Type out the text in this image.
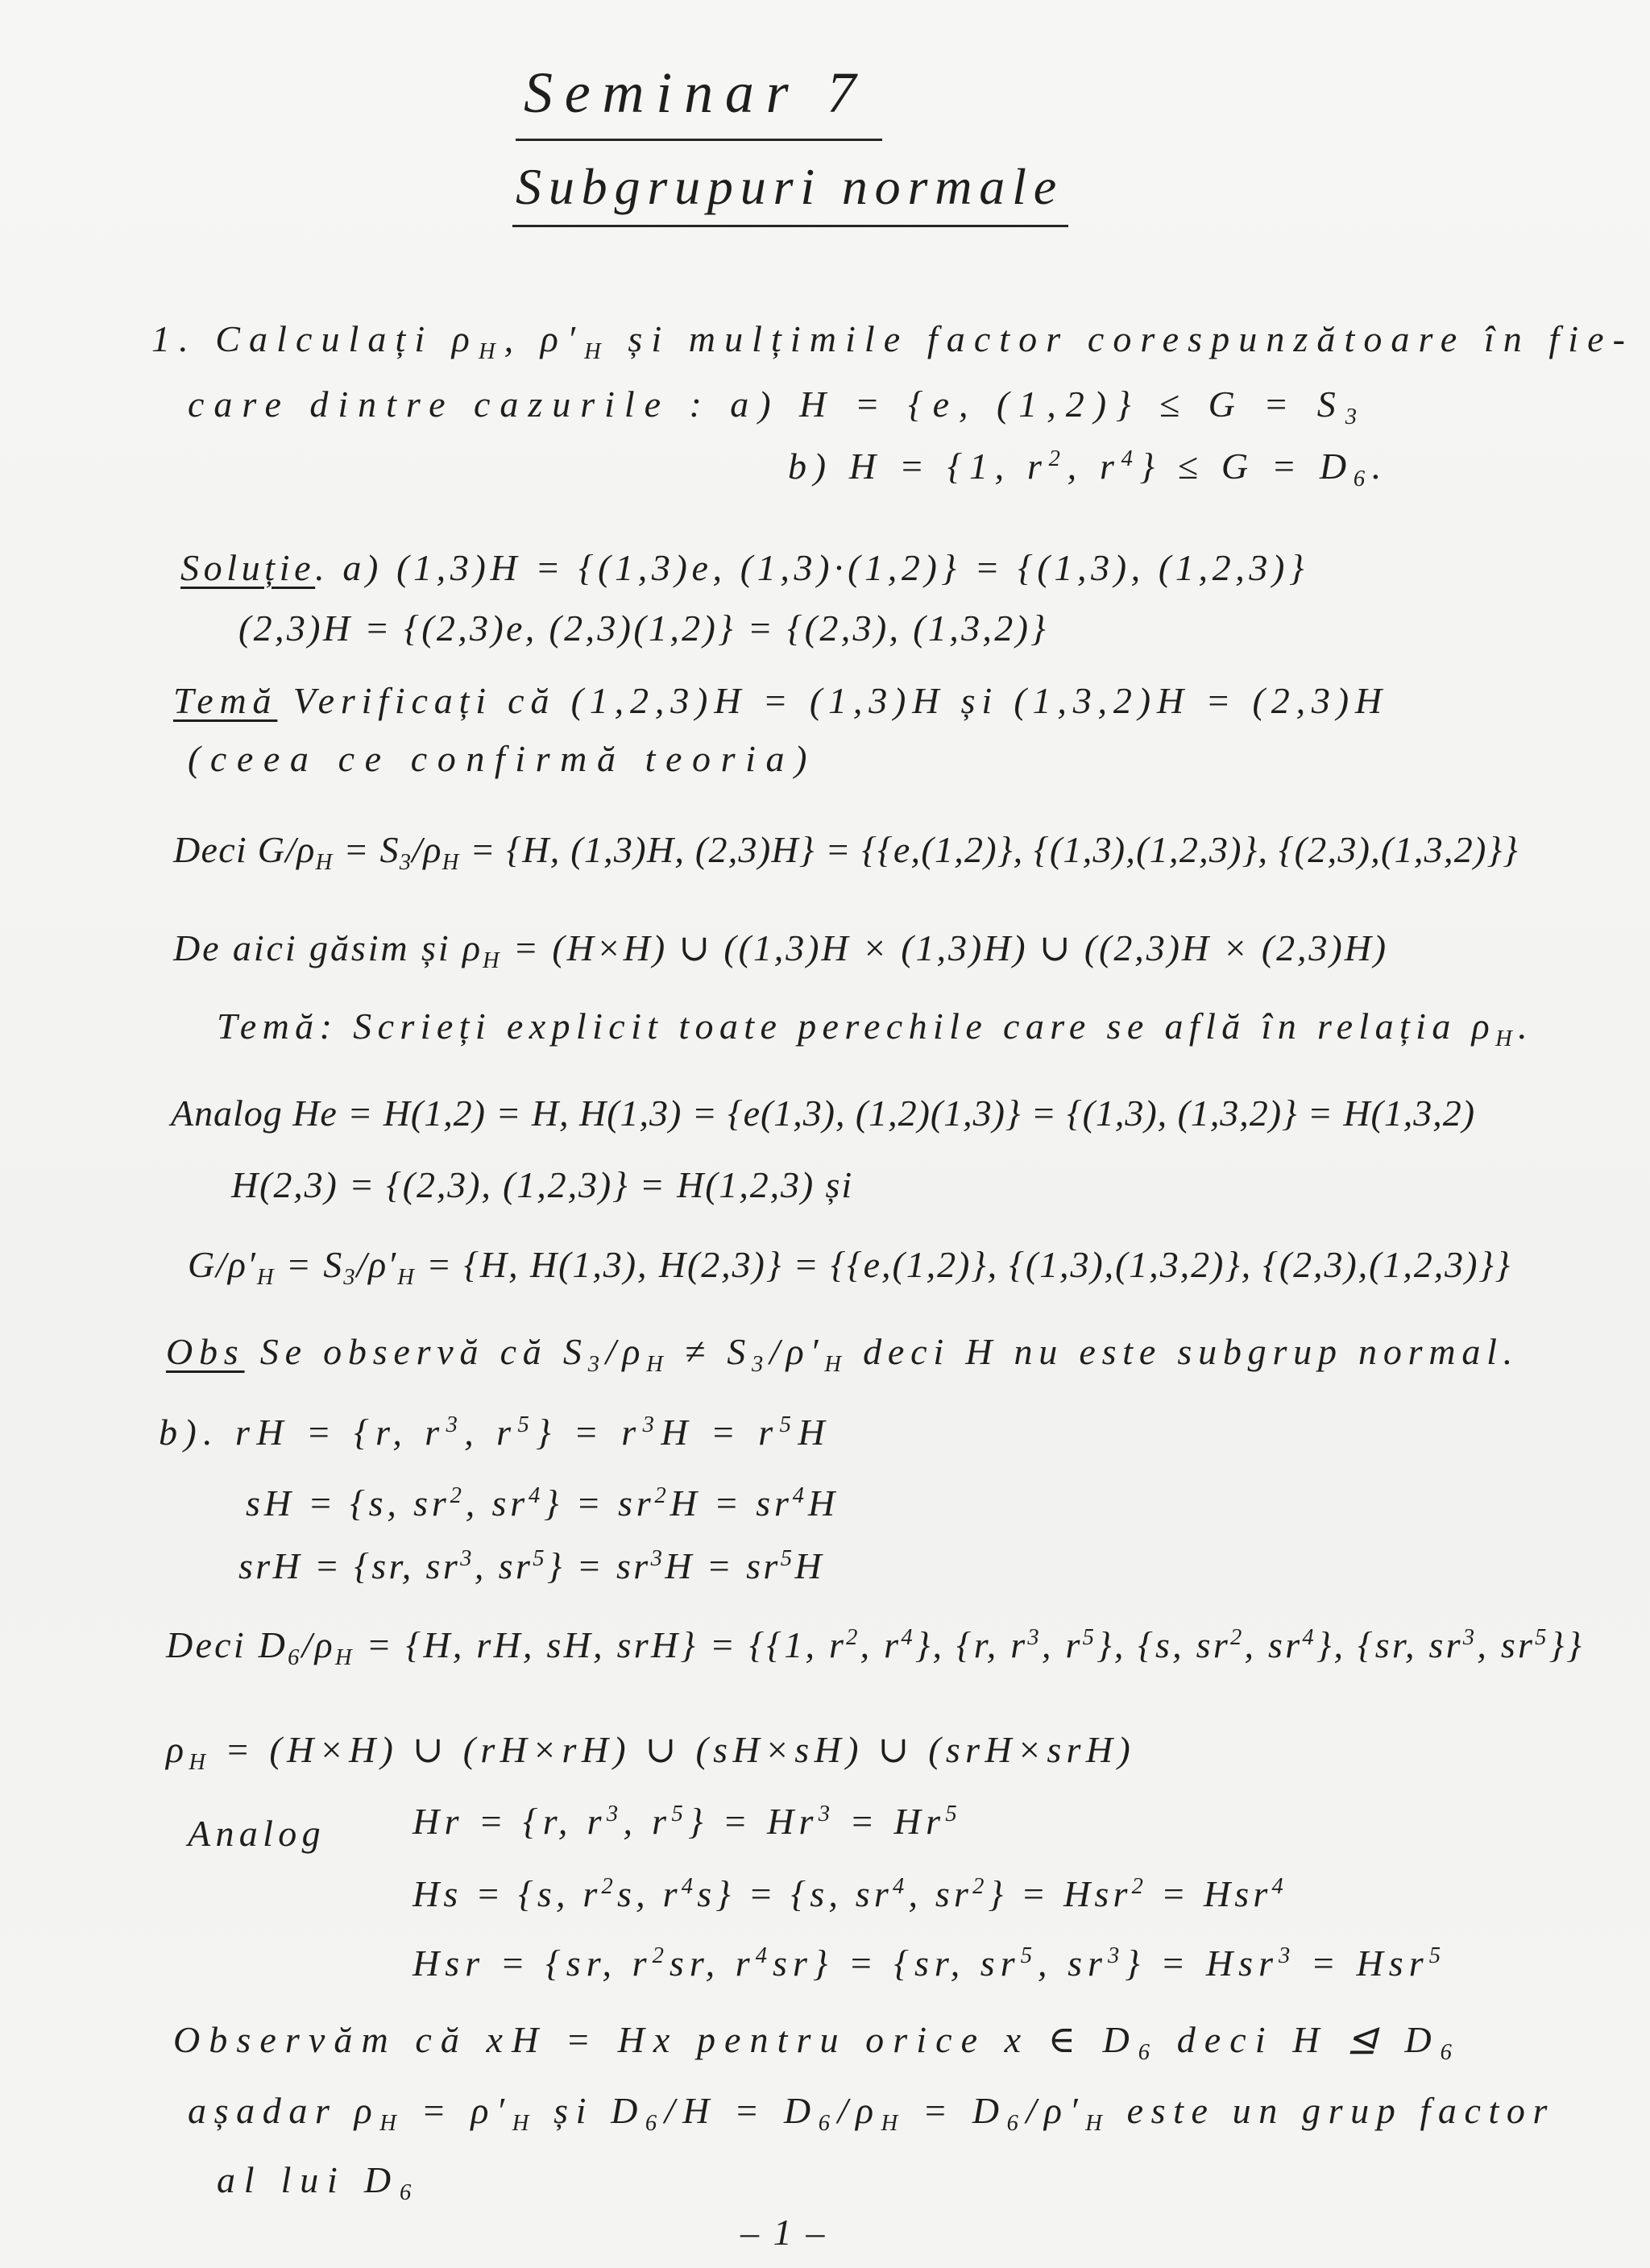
Seminar 7
Subgrupuri normale
1. Calculați $\rho_H$, $\rho'_H$ și mulțimile factor corespunzătoare în fie-
care dintre cazurile : a) H = {e, $(1,2)\} \le G = S_3$
b) H = {1, $r^2$, $r^4\} \le G = D_6$.
Soluție. a) (1,3)H = {(1,3)e, (1,3)·(1,2)} = {(1,3), (1,2,3)}
(2,3)H = {(2,3)e, (2,3)(1,2)} = {(2,3), (1,3,2)}
Temă Verificați că (1,2,3)H = (1,3)H și (1,3,2)H = (2,3)H
(ceea ce confirmă teoria)
Deci $G/\rho_H = S_3/\rho_H = \{H$, (1,3)H, (2,3)H} = {{e,(1,2)}, {(1,3),(1,2,3)}, {(2,3),(1,3,2)}}
De aici găsim și $\rho_H = (H\times H)$ ∪ ((1,3)H × (1,3)H) ∪ ((2,3)H × (2,3)H)
Temă: Scrieți explicit toate perechile care se află în relația $\rho_H$.
Analog He = H(1,2) = H, H(1,3) = {e(1,3), (1,2)(1,3)} = {(1,3), (1,3,2)} = H(1,3,2)
H(2,3) = {(2,3), (1,2,3)} = H(1,2,3) și
$G/\rho'_H = S_3/\rho'_H = \{H$, H(1,3), H(2,3)} = {{e,(1,2)}, {(1,3),(1,3,2)}, {(2,3),(1,2,3)}}
Obs Se observă că $S_3/\rho_H \ne S_3/\rho'_H$ deci H nu este subgrup normal.
b). rH = {r, $r^3$, $r^5\} = r^3H = r^5H$
sH = {s, $sr^2$, $sr^4\} = sr^2H = sr^4H$
srH = {sr, $sr^3$, $sr^5\} = sr^3H = sr^5H$
Deci $D_6/\rho_H = \{H$, rH, sH, srH} = {{1, $r^2$, $r^4$}, {r, $r^3$, $r^5$}, {s, $sr^2$, $sr^4$}, {sr, $sr^3$, $sr^5$}}
$\rho_H = (H\times H)$ ∪ (rH×rH) ∪ (sH×sH) ∪ (srH×srH)
Analog Hr = {r, $r^3$, $r^5\} = Hr^3 = Hr^5$
Hs = {s, $r^2s$, $r^4s\} = \{s$, $sr^4$, $sr^2\} = Hsr^2 = Hsr^4$
Hsr = {sr, $r^2sr$, $r^4sr\} = \{sr$, $sr^5$, $sr^3\} = Hsr^3 = Hsr^5$
Observăm că xH = Hx pentru orice x ∈ $D_6$ deci H ⊴ $D_6$
așadar $\rho_H = \rho'_H$ și $D_6/H = D_6/\rho_H = D_6/\rho'_H$ este un grup factor
al lui $D_6$
–1–
